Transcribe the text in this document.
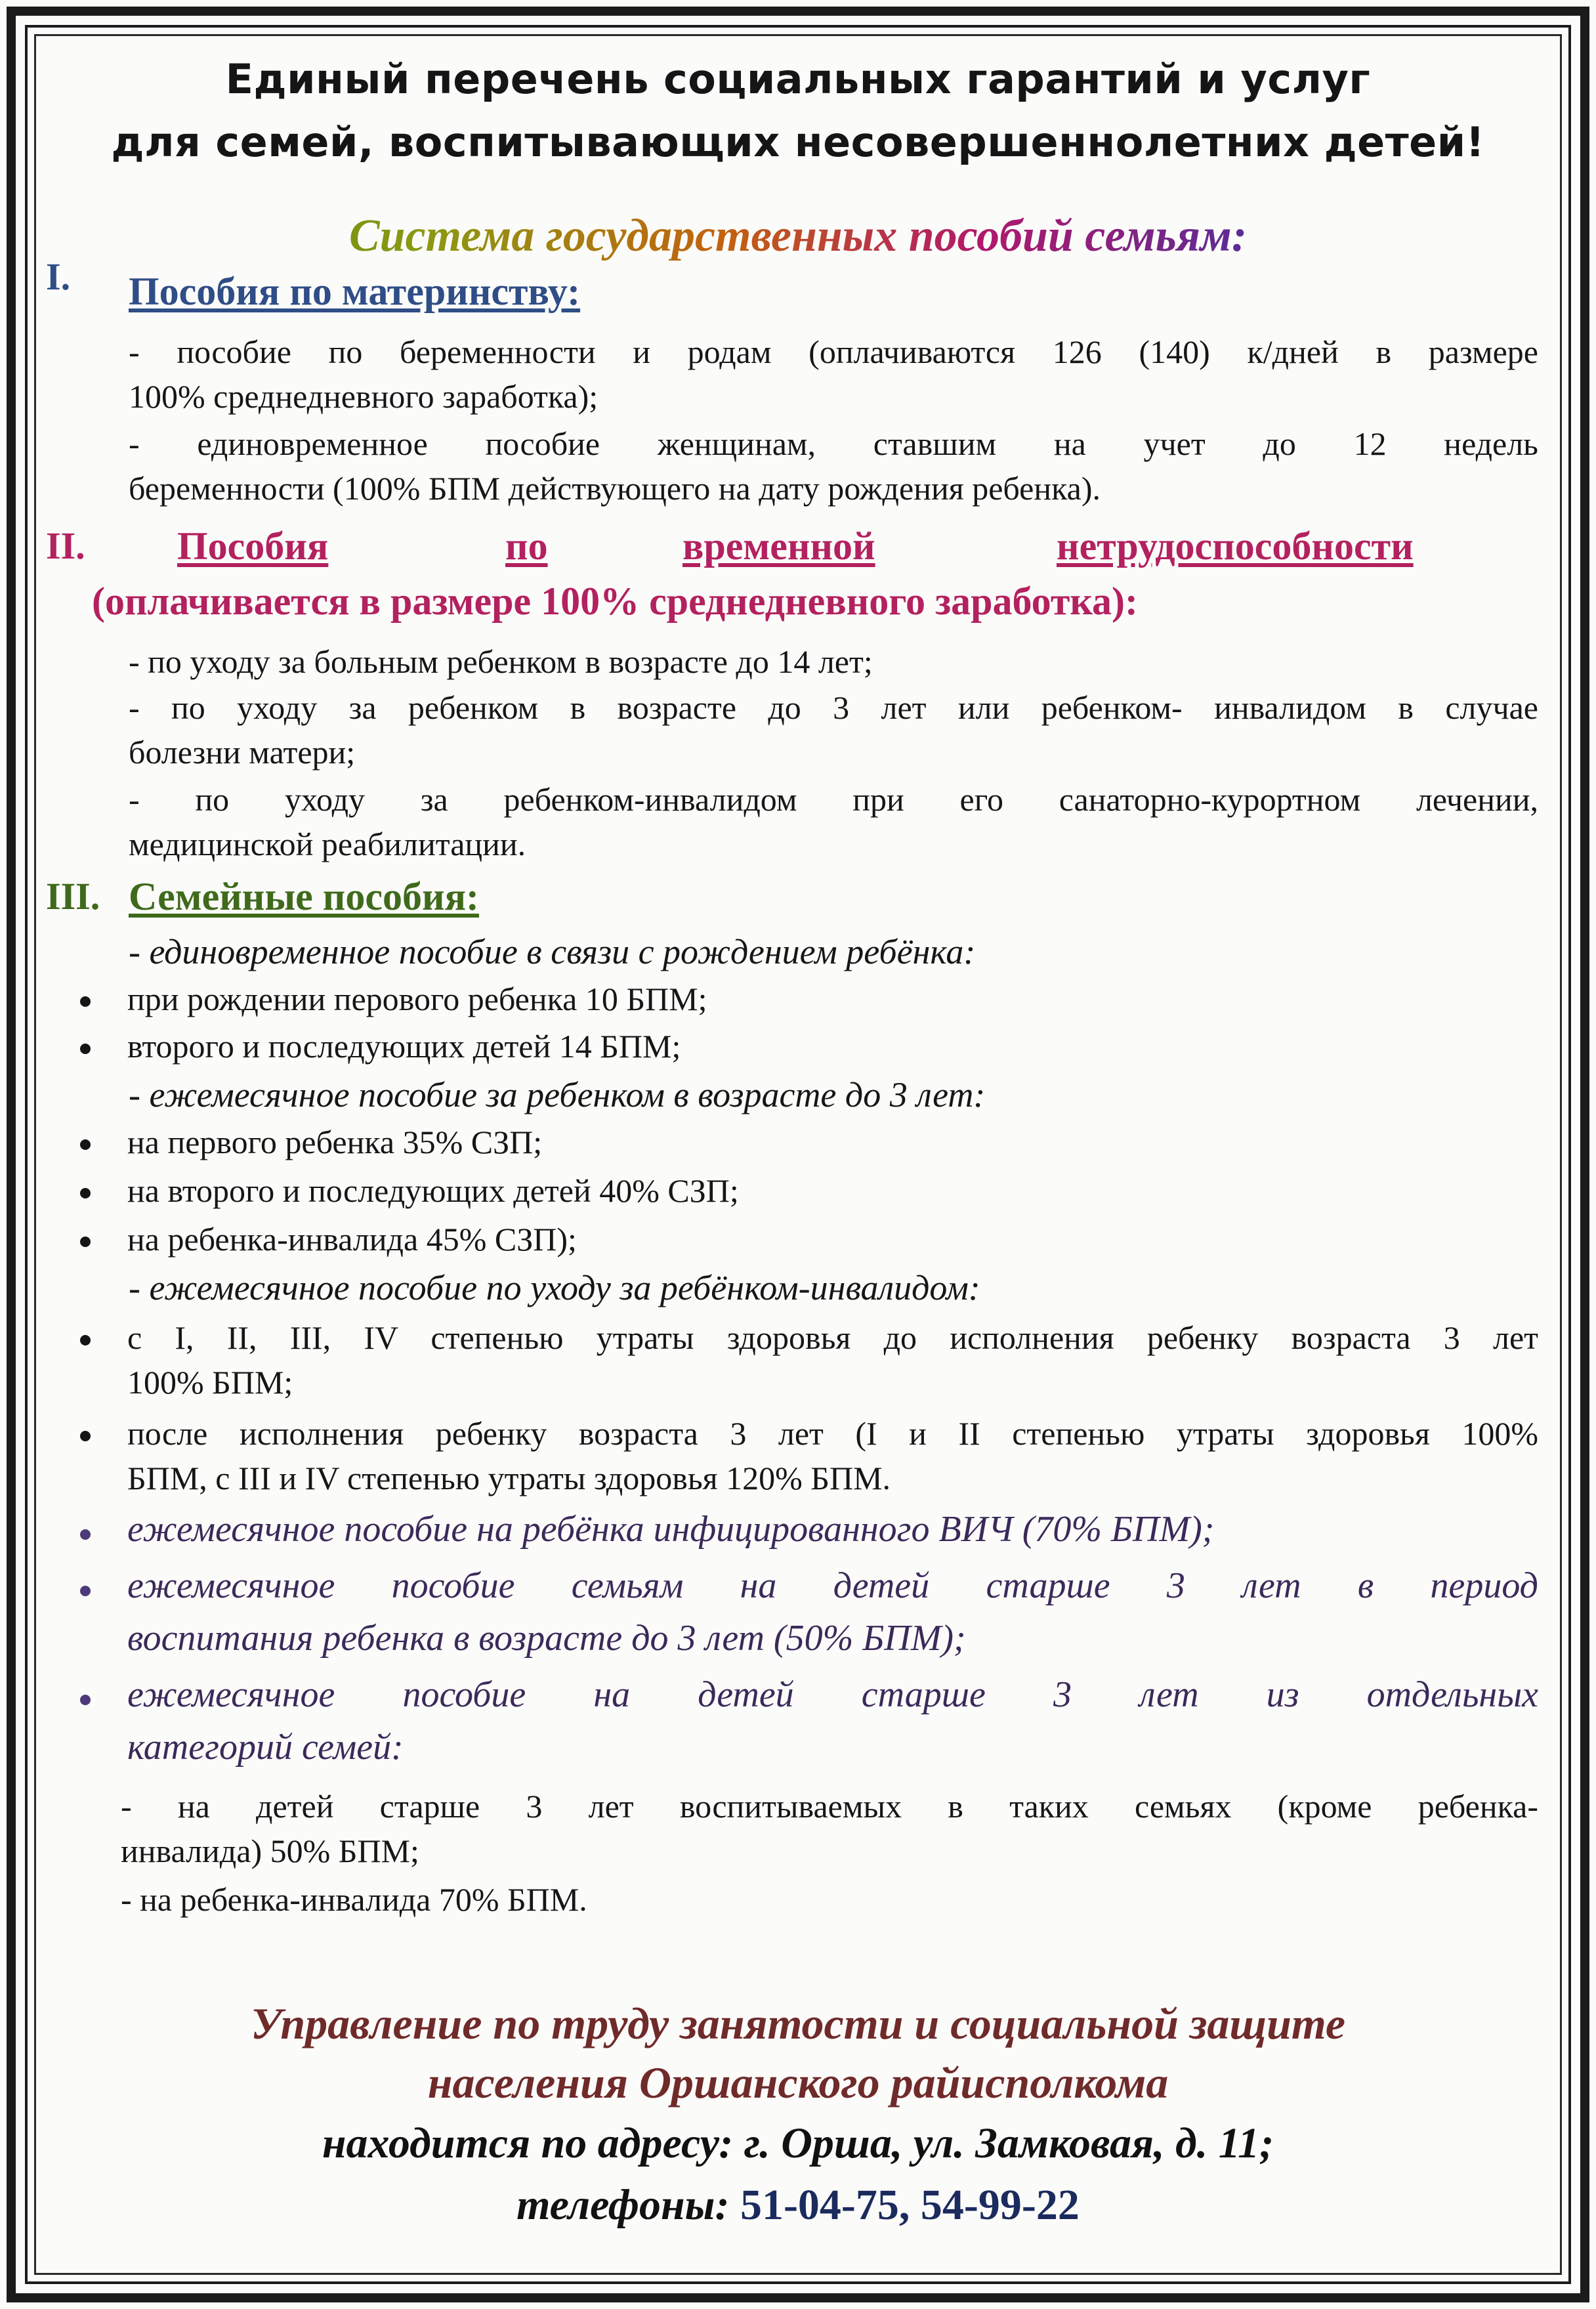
Единый перечень социальных гарантий и услуг
для семей, воспитывающих несовершеннолетних детей!
Система государственных пособий семьям:
I. Пособия по материнству:
- пособие по беременности и родам (оплачиваются 126 (140) к/дней в размере
100% среднедневного заработка);
- единовременное пособие женщинам, ставшим на учет до 12 недель
беременности (100% БПМ действующего на дату рождения ребенка).
II. Пособия	по	временной	нетрудоспособности
(оплачивается в размере 100% среднедневного заработка):
- по уходу за больным ребенком в возрасте до 14 лет;
- по уходу за ребенком в возрасте до 3 лет или ребенком- инвалидом в случае
болезни матери;
- по уходу за ребенком-инвалидом при его санаторно-курортном лечении,
медицинской реабилитации.
III. Семейные пособия:
- единовременное пособие в связи с рождением ребёнка:
при рождении перового ребенка 10 БПМ;
второго и последующих детей 14 БПМ;
- ежемесячное пособие за ребенком в возрасте до 3 лет:
на первого ребенка 35% СЗП;
на второго и последующих детей 40% СЗП;
на ребенка-инвалида 45% СЗП);
- ежемесячное пособие по уходу за ребёнком-инвалидом:
с I, II, III, IV степенью утраты здоровья до исполнения ребенку возраста 3 лет
100% БПМ;
после исполнения ребенку возраста 3 лет (I и II степенью утраты здоровья 100%
БПМ, с III и IV степенью утраты здоровья 120% БПМ.
ежемесячное пособие на ребёнка инфицированного ВИЧ (70% БПМ);
ежемесячное пособие семьям на детей старше 3 лет в период
воспитания ребенка в возрасте до 3 лет (50% БПМ);
ежемесячное пособие на детей старше 3 лет из отдельных
категорий семей:
- на детей старше 3 лет воспитываемых в таких семьях (кроме ребенка-
инвалида) 50% БПМ;
- на ребенка-инвалида 70% БПМ.
Управление по труду занятости и социальной защите
населения Оршанского райисполкома
находится по адресу: г. Орша, ул. Замковая, д. 11;
телефоны: 51-04-75, 54-99-22
